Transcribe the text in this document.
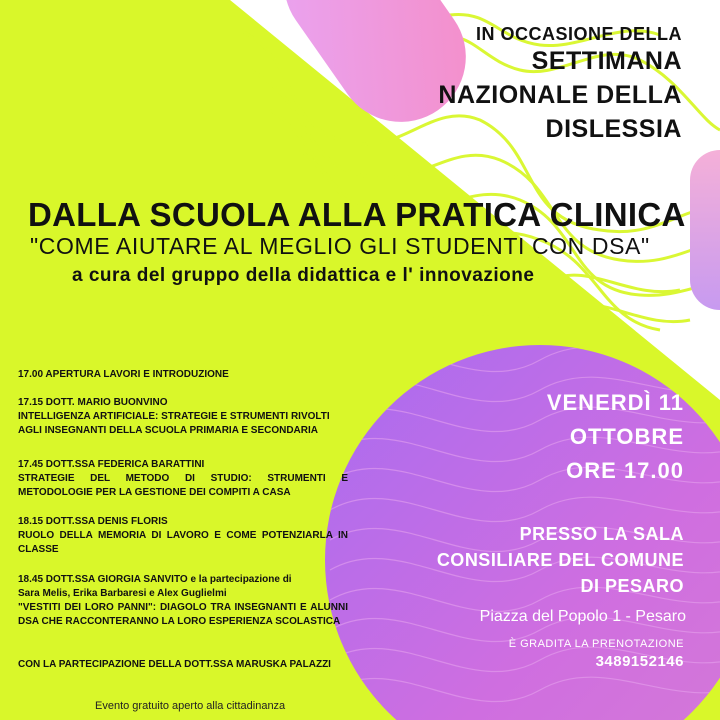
IN OCCASIONE DELLA
SETTIMANA
NAZIONALE DELLA
DISLESSIA
DALLA SCUOLA ALLA PRATICA CLINICA
"COME AIUTARE AL MEGLIO GLI STUDENTI CON DSA"
a cura del gruppo della didattica e l' innovazione
17.00 APERTURA LAVORI E INTRODUZIONE

17.15 DOTT. MARIO BUONVINO

INTELLIGENZA ARTIFICIALE: STRATEGIE E STRUMENTI RIVOLTI AGLI INSEGNANTI DELLA SCUOLA PRIMARIA E SECONDARIA

17.45 DOTT.SSA FEDERICA BARATTINI

STRATEGIE DEL METODO DI STUDIO: STRUMENTI E METODOLOGIE PER LA GESTIONE DEI COMPITI A CASA

18.15 DOTT.SSA DENIS FLORIS

RUOLO DELLA MEMORIA DI LAVORO E COME POTENZIARLA IN CLASSE

18.45 DOTT.SSA GIORGIA SANVITO e la partecipazione di

Sara Melis, Erika Barbaresi e Alex Guglielmi

"VESTITI DEI LORO PANNI": DIAGOLO TRA INSEGNANTI E ALUNNI DSA CHE RACCONTERANNO LA LORO ESPERIENZA SCOLASTICA

CON LA PARTECIPAZIONE DELLA DOTT.SSA MARUSKA PALAZZI
VENERDÌ 11
OTTOBRE
ORE 17.00
PRESSO LA SALA
CONSILIARE DEL COMUNE
DI PESARO
Piazza del Popolo 1 - Pesaro
È GRADITA LA PRENOTAZIONE
3489152146
Evento gratuito aperto alla cittadinanza
